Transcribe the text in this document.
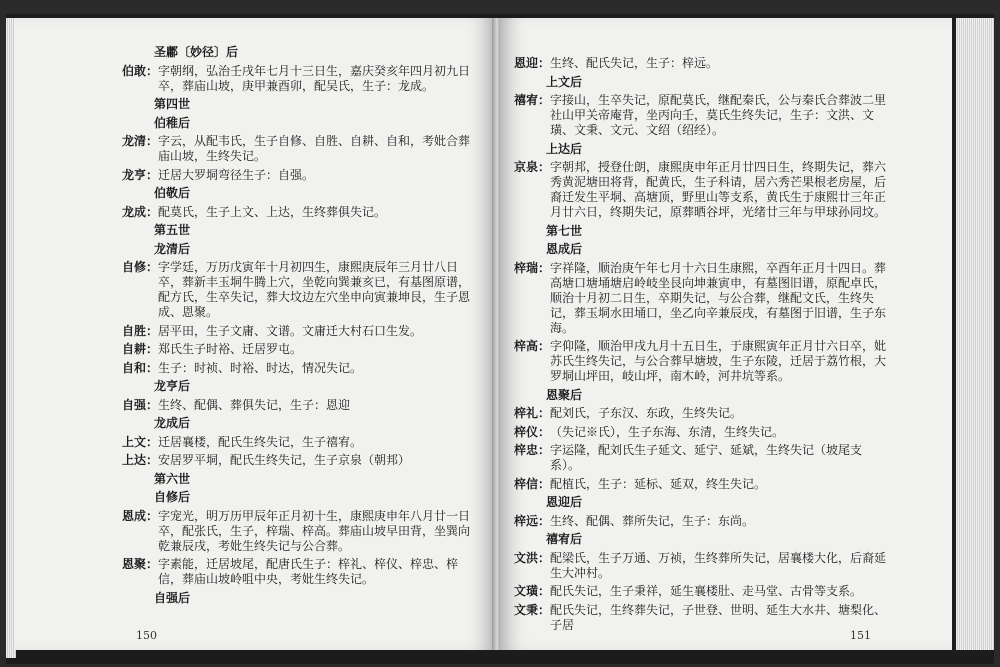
圣鄘〔妙径〕后
伯敢： 字朝纲，弘治壬戌年七月十三日生，嘉庆癸亥年四月初九日卒，葬庙山坡，庚甲兼酉卯，配吴氏，生子：龙成。
第四世
伯稚后
龙清： 字云，从配韦氏，生子自修、自胜、自耕、自和，考妣合葬庙山坡，生终失记。
龙亨： 迁居大罗垌弯径生子：自强。
伯敬后
龙成： 配莫氏，生子上文、上达，生终葬俱失记。
第五世
龙清后
自修： 字学廷，万历戊寅年十月初四生，康熙庚辰年三月廿八日卒，葬新丰玉垌牛腾上穴，坐乾向巽兼亥已，有基图原谱，配方氏，生卒失记，葬大坟边左穴坐申向寅兼坤艮，生子恩成、恩聚。
自胜： 居平田，生子文庸、文谱。文庸迁大村石口生发。
自耕： 郑氏生子时裕、迁居罗屯。
自和： 生子：时祯、时裕、时达，情况失记。
龙亨后
自强： 生终、配偶、葬俱失记，生子：恩迎
龙成后
上文： 迁居襄楼，配氏生终失记，生子禧宥。
上达： 安居罗平垌，配氏生终失记，生子京泉（朝邦）
第六世
自修后
恩成： 字宠光，明万历甲辰年正月初十生，康熙庚申年八月廿一日卒，配张氏，生子，梓瑞、梓高。葬庙山坡早田背，坐巽向乾兼辰戌，考妣生终失记与公合葬。
恩聚： 字素能，迁居坡尾，配唐氏生子：梓礼、梓仪、梓忠、梓信，葬庙山坡岭咀中央，考妣生终失记。
自强后
150
恩迎： 生终、配氏失记，生子：梓远。
上文后
禧宥： 字接山，生卒失记，原配莫氏，继配秦氏，公与秦氏合葬波二里社山甲关帝庵背，坐丙向壬，莫氏生终失记，生子：文洪、文璜、文秉、文元、文绍（绍经）。
上达后
京泉： 字朝邦，授登仕朗，康熙庚申年正月廿四日生，终期失记，葬六秀黄泥塘田将背，配黄氏，生子科请，居六秀芒果根老房屋，后裔迁发生平垌、高塘顶，野里山等支系，黄氏生于康熙廿三年正月廿六日，终期失记，原葬晒谷坪，光绪廿三年与甲球孙同坟。
第七世
恩成后
梓瑞： 字祥隆，顺治庚午年七月十六日生康熙，卒酉年正月十四日。葬高塘口塘埇塘启岭岐坐艮向坤兼寅申，有墓图旧谱，原配卓氏，顺治十月初二日生，卒期失记，与公合葬，继配文氏，生终失记，葬玉垌水田埇口，坐乙向辛兼辰戌，有墓图于旧谱，生子东海。
梓高： 字仰隆，顺治甲戌九月十五日生，于康熙寅年正月廿六日卒，妣苏氏生终失记，与公合葬早塘坡，生子东陵，迁居于荔竹根，大罗垌山坪田，岐山坪，南木岭，河井坑等系。
恩聚后
梓礼： 配刘氏，子东汉、东政，生终失记。
梓仪： （失记※氏），生子东海、东清，生终失记。
梓忠： 字运隆，配刘氏生子延文、延宁、延斌，生终失记（坡尾支系）。
梓信： 配植氏，生子：延标、延双，终生失记。
恩迎后
梓远： 生终、配偶、葬所失记，生子：东尚。
禧宥后
文洪： 配梁氏，生子万通、万祯，生终葬所失记，居襄楼大化，后裔延生大冲村。
文璜： 配氏失记，生子秉祥，延生襄楼肚、走马堂、古骨等支系。
文秉： 配氏失记，生终葬失记，子世登、世明、延生大水井、塘梨化、子居
151
